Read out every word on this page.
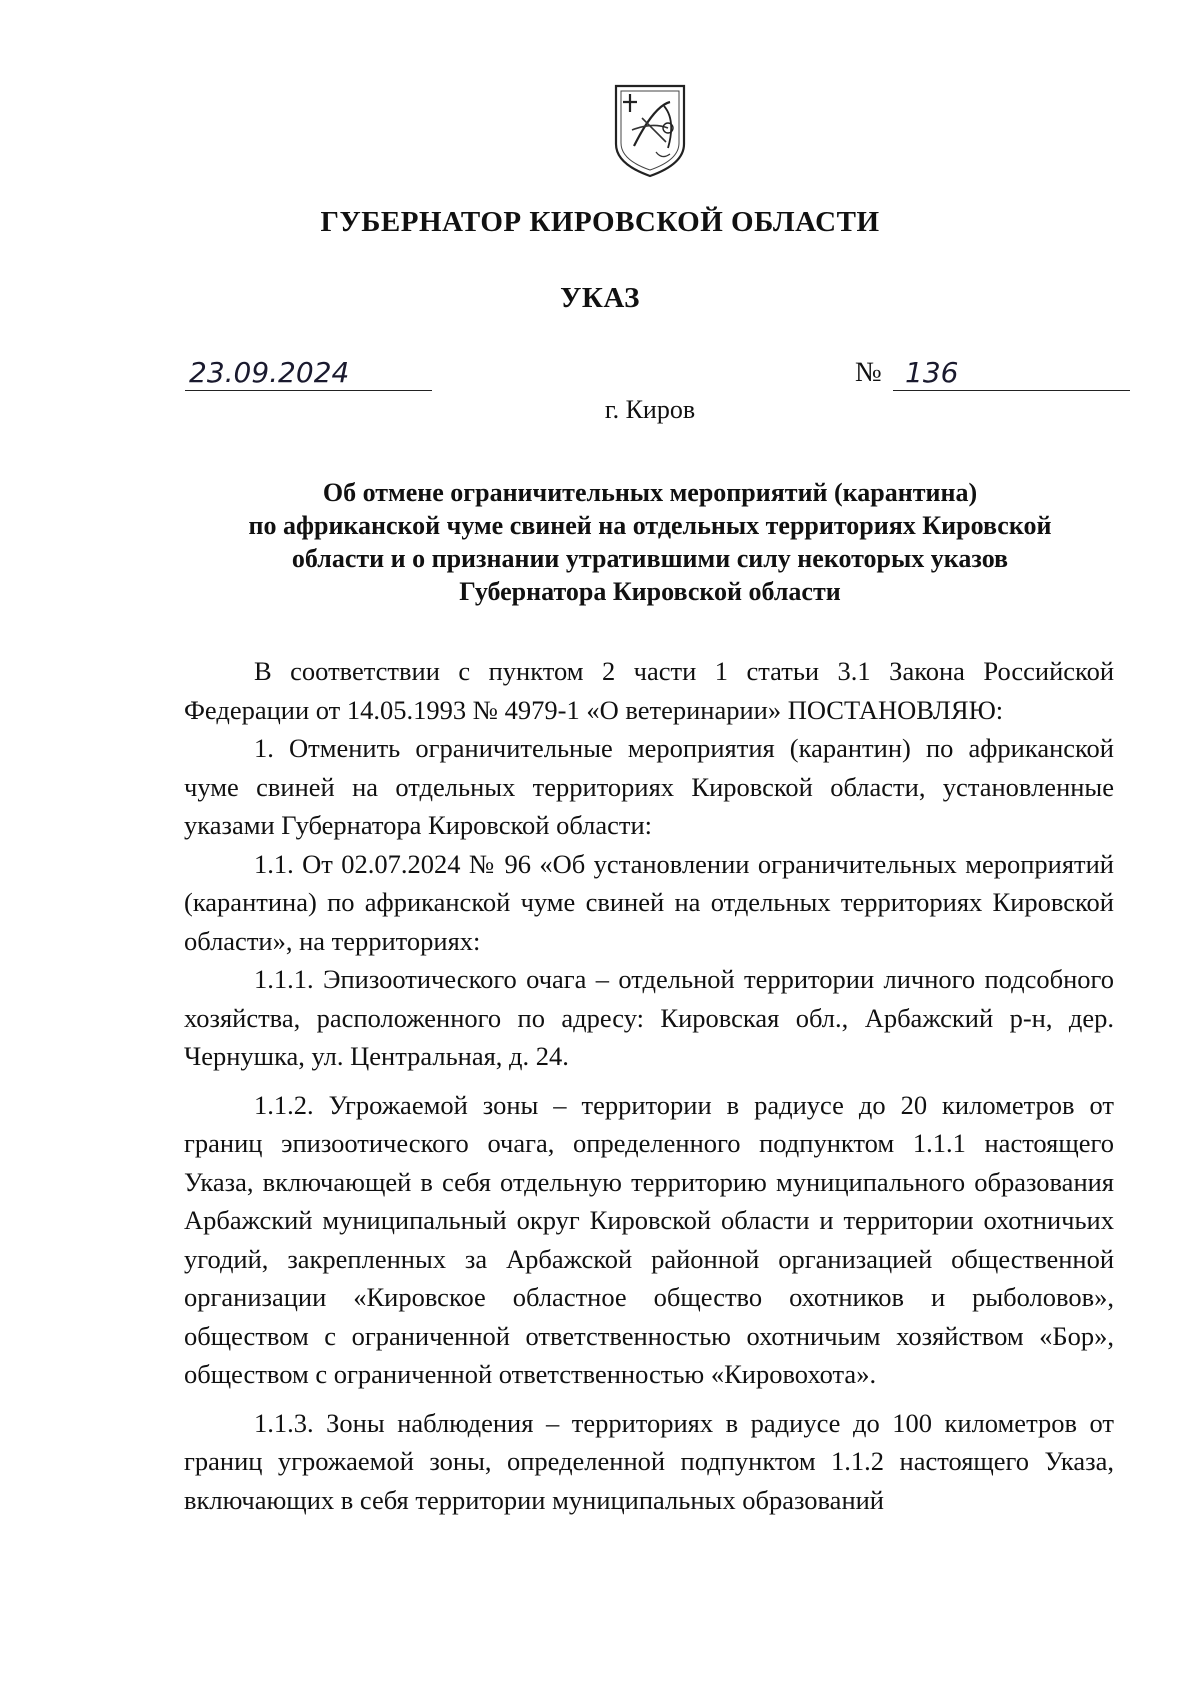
ГУБЕРНАТОР КИРОВСКОЙ ОБЛАСТИ
УКАЗ
23.09.2024	№ 136
г. Киров
Об отмене ограничительных мероприятий (карантина)
по африканской чуме свиней на отдельных территориях Кировской
области и о признании утратившими силу некоторых указов
Губернатора Кировской области

В соответствии с пунктом 2 части 1 статьи 3.1 Закона Российской Федерации от 14.05.1993 № 4979-1 «О ветеринарии» ПОСТАНОВЛЯЮ:

1. Отменить ограничительные мероприятия (карантин) по африканской чуме свиней на отдельных территориях Кировской области, установленные указами Губернатора Кировской области:

1.1. От 02.07.2024 № 96 «Об установлении ограничительных мероприятий (карантина) по африканской чуме свиней на отдельных территориях Кировской области», на территориях:

1.1.1. Эпизоотического очага – отдельной территории личного подсобного хозяйства, расположенного по адресу: Кировская обл., Арбажский р-н, дер. Чернушка, ул. Центральная, д. 24.

1.1.2. Угрожаемой зоны – территории в радиусе до 20 километров от границ эпизоотического очага, определенного подпунктом 1.1.1 настоящего Указа, включающей в себя отдельную территорию муниципального образования Арбажский муниципальный округ Кировской области и территории охотничьих угодий, закрепленных за Арбажской районной организацией общественной организации «Кировское областное общество охотников и рыболовов», обществом с ограниченной ответственностью охотничьим хозяйством «Бор», обществом с ограниченной ответственностью «Кировохота».

1.1.3. Зоны наблюдения – территориях в радиусе до 100 километров от границ угрожаемой зоны, определенной подпунктом 1.1.2 настоящего Указа, включающих в себя территории муниципальных образований
